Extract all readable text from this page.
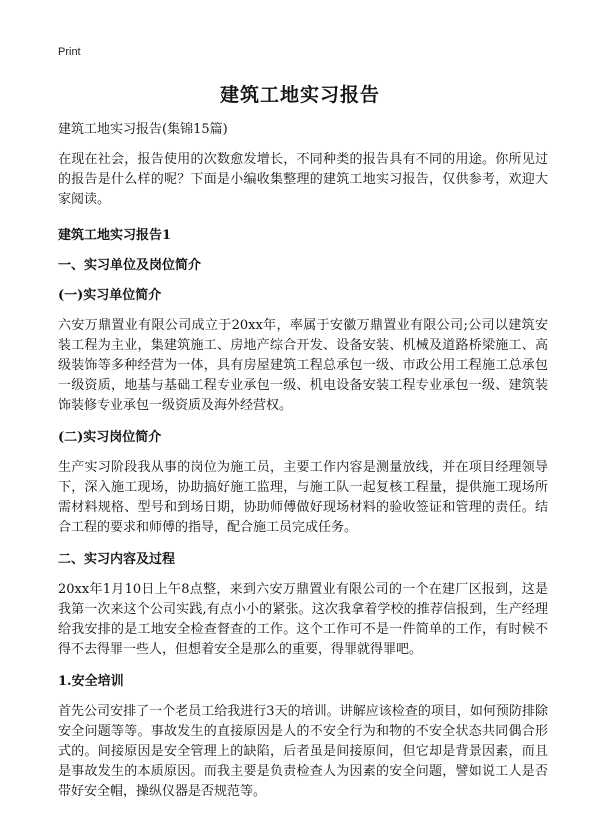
Print
建筑工地实习报告

建筑工地实习报告(集锦15篇)

在现在社会，报告使用的次数愈发增长，不同种类的报告具有不同的用途。你所见过的报告是什么样的呢？下面是小编收集整理的建筑工地实习报告，仅供参考，欢迎大家阅读。

建筑工地实习报告1

一、实习单位及岗位简介

(一)实习单位简介

六安万鼎置业有限公司成立于20xx年，率属于安徽万鼎置业有限公司;公司以建筑安装工程为主业，集建筑施工、房地产综合开发、设备安装、机械及道路桥梁施工、高级装饰等多种经营为一体，具有房屋建筑工程总承包一级、市政公用工程施工总承包一级资质，地基与基础工程专业承包一级、机电设备安装工程专业承包一级、建筑装饰装修专业承包一级资质及海外经营权。

(二)实习岗位简介

生产实习阶段我从事的岗位为施工员，主要工作内容是测量放线，并在项目经理领导下，深入施工现场，协助搞好施工监理，与施工队一起复核工程量，提供施工现场所需材料规格、型号和到场日期，协助师傅做好现场材料的验收签证和管理的责任。结合工程的要求和师傅的指导，配合施工员完成任务。

二、实习内容及过程

20xx年1月10日上午8点整，来到六安万鼎置业有限公司的一个在建厂区报到，这是我第一次来这个公司实践,有点小小的紧张。这次我拿着学校的推荐信报到，生产经理给我安排的是工地安全检查督查的工作。这个工作可不是一件简单的工作，有时候不得不去得罪一些人，但想着安全是那么的重要，得罪就得罪吧。

1.安全培训

首先公司安排了一个老员工给我进行3天的培训。讲解应该检查的项目，如何预防排除安全问题等等。事故发生的直接原因是人的不安全行为和物的不安全状态共同偶合形式的。间接原因是安全管理上的缺陷，后者虽是间接原间，但它却是背景因素，而且是事故发生的本质原因。而我主要是负责检查人为因素的安全问题，譬如说工人是否带好安全帽，操纵仪器是否规范等。
